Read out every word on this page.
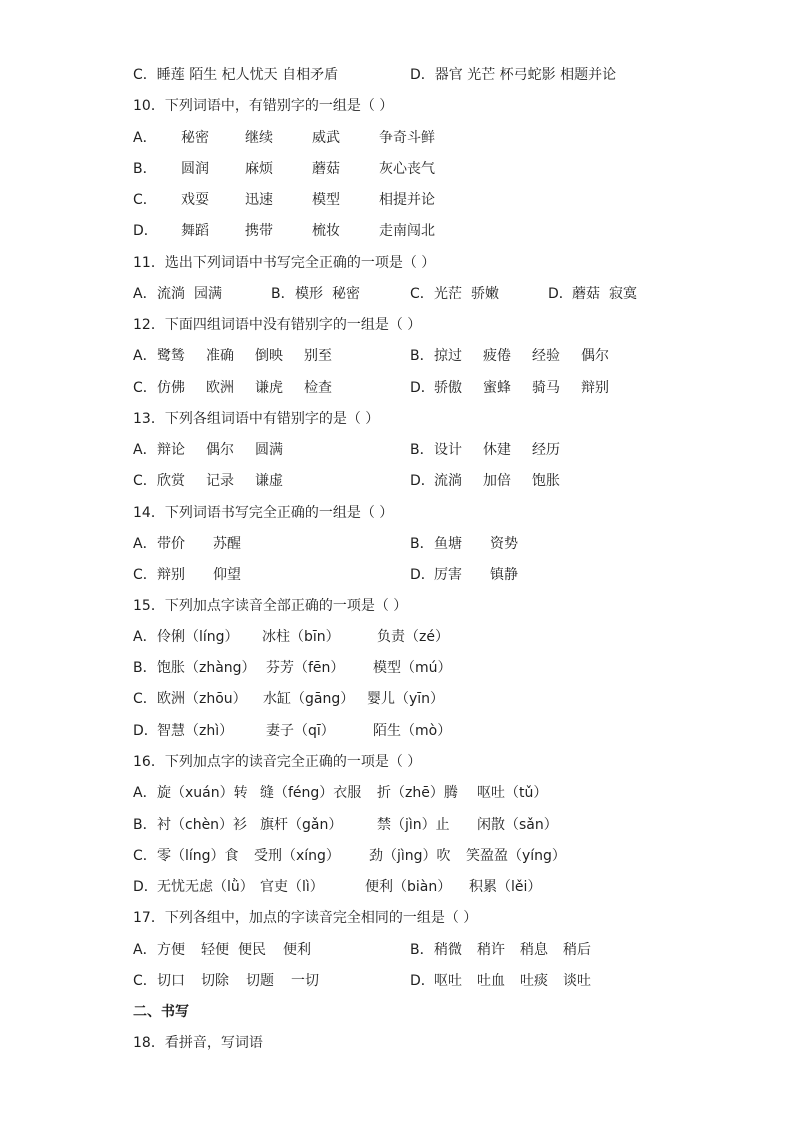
C．睡莲 陌生 杞人忧天 自相矛盾	D．器官 光芒 杯弓蛇影 相题并论
10．下列词语中，有错别字的一组是（ ）
A． 秘密	继续	威武	争奇斗鲜
B． 圆润	麻烦	蘑菇	灰心丧气
C． 戏耍	迅速	模型	相提并论
D． 舞蹈	携带	梳妆	走南闯北
11．选出下列词语中书写完全正确的一项是（ ）
A．流淌 园满	B．模形 秘密	C．光茫 骄嫩	D．蘑菇 寂寞
12．下面四组词语中没有错别字的一组是（ ）
A．鹭鸶 准确 倒映 别至	B．掠过 疲倦 经验 偶尔
C．仿佛 欧洲 谦虎 检查	D．骄傲 蜜蜂 骑马 辩别
13．下列各组词语中有错别字的是（ ）
A．辩论 偶尔 圆满	B．设计 休建 经历
C．欣赏 记录 谦虚	D．流淌 加倍 饱胀
14．下列词语书写完全正确的一组是（ ）
A．带价 苏醒	B．鱼塘 资势
C．辩别 仰望	D．厉害 镇静
15．下列加点字读音全部正确的一项是（ ）
A．伶俐（líng） 冰柱（bīn）	负责（zé）
B．饱胀（zhàng） 芬芳（fēn） 模型（mú）
C．欧洲（zhōu） 水缸（gāng） 婴儿（yīn）
D．智慧（zhì） 妻子（qī）	陌生（mò）
16．下列加点字的读音完全正确的一项是（ ）
A．旋（xuán）转 缝（féng）衣服 折（zhē）腾 呕吐（tǔ）
B．衬（chèn）衫 旗杆（gǎn） 禁（jìn）止 闲散（sǎn）
C．零（líng）食 受刑（xíng） 劲（jìng）吹 笑盈盈（yíng）
D．无忧无虑（lǜ） 官吏（lì）	便利（biàn） 积累（lěi）
17．下列各组中，加点的字读音完全相同的一组是（ ）
A．方便 轻便 便民 便利	B．稍微 稍许 稍息 稍后
C．切口 切除 切题 一切	D．呕吐 吐血 吐痰 谈吐
二、书写
18．看拼音，写词语
